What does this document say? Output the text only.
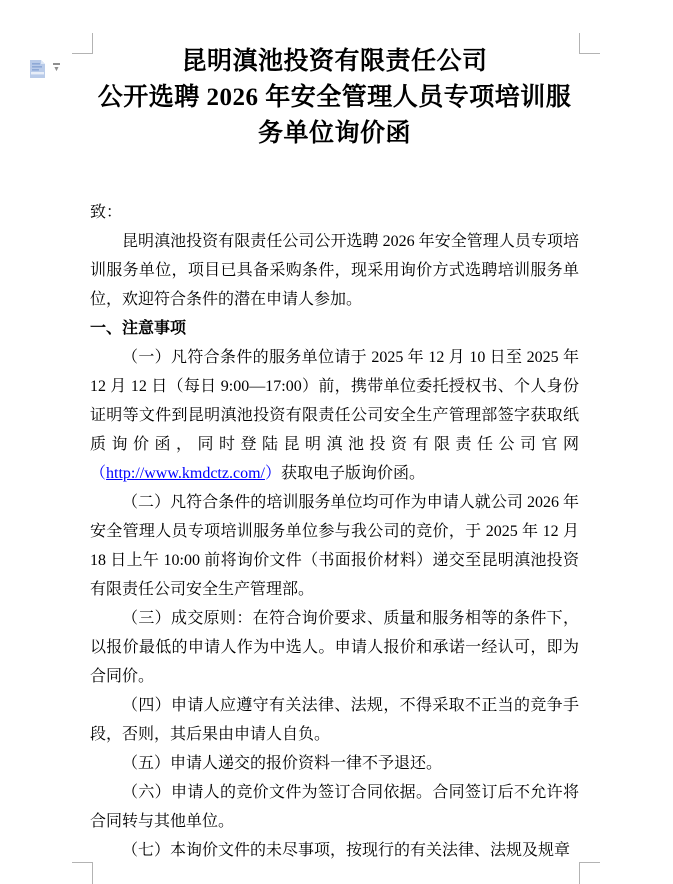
▼	昆明滇池投资有限责任公司
公开选聘 2026 年安全管理人员专项培训服务单位询价函

致：

昆明滇池投资有限责任公司公开选聘 2026 年安全管理人员专项培训服务单位，项目已具备采购条件，现采用询价方式选聘培训服务单位，欢迎符合条件的潜在申请人参加。

一、注意事项

（一）凡符合条件的服务单位请于 2025 年 12 月 10 日至 2025 年 12 月 12 日（每日 9:00—17:00）前，携带单位委托授权书、个人身份证明等文件到昆明滇池投资有限责任公司安全生产管理部签字获取纸质询价函，同时登陆昆明滇池投资有限责任公司官网（http://www.kmdctz.com/）获取电子版询价函。

（二）凡符合条件的培训服务单位均可作为申请人就公司 2026 年安全管理人员专项培训服务单位参与我公司的竞价，于 2025 年 12 月 18 日上午 10:00 前将询价文件（书面报价材料）递交至昆明滇池投资有限责任公司安全生产管理部。

（三）成交原则：在符合询价要求、质量和服务相等的条件下，以报价最低的申请人作为中选人。申请人报价和承诺一经认可，即为合同价。

（四）申请人应遵守有关法律、法规，不得采取不正当的竞争手段，否则，其后果由申请人自负。

（五）申请人递交的报价资料一律不予退还。

（六）申请人的竞价文件为签订合同依据。合同签订后不允许将合同转与其他单位。

（七）本询价文件的未尽事项，按现行的有关法律、法规及规章
